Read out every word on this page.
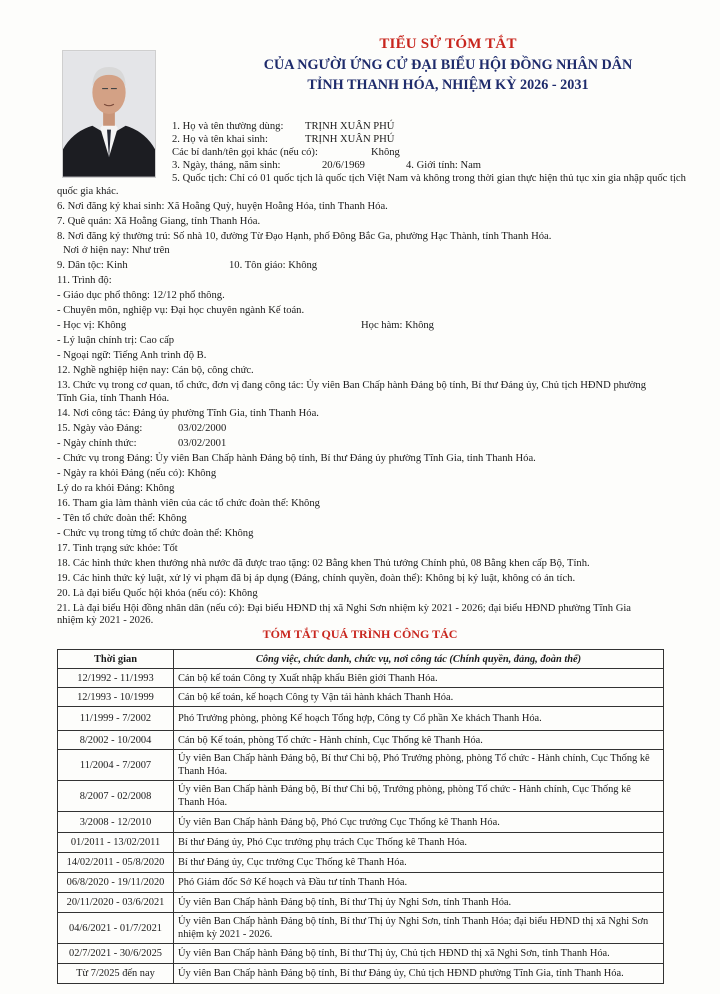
TIỂU SỬ TÓM TẮT
CỦA NGƯỜI ỨNG CỬ ĐẠI BIỂU HỘI ĐỒNG NHÂN DÂN
TỈNH THANH HÓA, NHIỆM KỲ 2026 - 2031
1. Họ và tên thường dùng: TRỊNH XUÂN PHÚ
2. Họ và tên khai sinh:	TRỊNH XUÂN PHÚ
Các bí danh/tên gọi khác (nếu có):	Không
3. Ngày, tháng, năm sinh:	20/6/1969	4. Giới tính: Nam
5. Quốc tịch: Chỉ có 01 quốc tịch là quốc tịch Việt Nam và không trong thời gian thực hiện thủ tục xin gia nhập quốc tịch
quốc gia khác.
6. Nơi đăng ký khai sinh: Xã Hoằng Quỳ, huyện Hoằng Hóa, tỉnh Thanh Hóa.
7. Quê quán: Xã Hoằng Giang, tỉnh Thanh Hóa.
8. Nơi đăng ký thường trú: Số nhà 10, đường Từ Đạo Hạnh, phố Đông Bắc Ga, phường Hạc Thành, tỉnh Thanh Hóa.
Nơi ở hiện nay: Như trên
9. Dân tộc: Kinh	10. Tôn giáo: Không
11. Trình độ:
- Giáo dục phổ thông: 12/12 phổ thông.
- Chuyên môn, nghiệp vụ: Đại học chuyên ngành Kế toán.
- Học vị: Không	Học hàm: Không
- Lý luận chính trị: Cao cấp
- Ngoại ngữ: Tiếng Anh trình độ B.
12. Nghề nghiệp hiện nay: Cán bộ, công chức.
13. Chức vụ trong cơ quan, tổ chức, đơn vị đang công tác: Ủy viên Ban Chấp hành Đảng bộ tỉnh, Bí thư Đảng ủy, Chủ tịch HĐND phường
Tĩnh Gia, tỉnh Thanh Hóa.
14. Nơi công tác: Đảng ủy phường Tĩnh Gia, tỉnh Thanh Hóa.
15. Ngày vào Đảng:	03/02/2000
- Ngày chính thức:	03/02/2001
- Chức vụ trong Đảng: Ủy viên Ban Chấp hành Đảng bộ tỉnh, Bí thư Đảng ủy phường Tĩnh Gia, tỉnh Thanh Hóa.
- Ngày ra khỏi Đảng (nếu có): Không
Lý do ra khỏi Đảng: Không
16. Tham gia làm thành viên của các tổ chức đoàn thể: Không
- Tên tổ chức đoàn thể: Không
- Chức vụ trong từng tổ chức đoàn thể: Không
17. Tình trạng sức khỏe: Tốt
18. Các hình thức khen thưởng nhà nước đã được trao tặng: 02 Bằng khen Thủ tướng Chính phủ, 08 Bằng khen cấp Bộ, Tỉnh.
19. Các hình thức kỷ luật, xử lý vi phạm đã bị áp dụng (Đảng, chính quyền, đoàn thể): Không bị kỷ luật, không có án tích.
20. Là đại biểu Quốc hội khóa (nếu có): Không
21. Là đại biểu Hội đồng nhân dân (nếu có): Đại biểu HĐND thị xã Nghi Sơn nhiệm kỳ 2021 - 2026; đại biểu HĐND phường Tĩnh Gia
nhiệm kỳ 2021 - 2026.
TÓM TẮT QUÁ TRÌNH CÔNG TÁC
Thời gian	Công việc, chức danh, chức vụ, nơi công tác (Chính quyền, đảng, đoàn thể)
12/1992 - 11/1993	Cán bộ kế toán Công ty Xuất nhập khẩu Biên giới Thanh Hóa.
12/1993 - 10/1999	Cán bộ kế toán, kế hoạch Công ty Vận tải hành khách Thanh Hóa.
11/1999 - 7/2002	Phó Trưởng phòng, phòng Kế hoạch Tổng hợp, Công ty Cổ phần Xe khách Thanh Hóa.
8/2002 - 10/2004	Cán bộ Kế toán, phòng Tổ chức - Hành chính, Cục Thống kê Thanh Hóa.
11/2004 - 7/2007	Ủy viên Ban Chấp hành Đảng bộ, Bí thư Chi bộ, Phó Trưởng phòng, phòng Tổ chức - Hành chính, Cục Thống kê Thanh Hóa.
8/2007 - 02/2008	Ủy viên Ban Chấp hành Đảng bộ, Bí thư Chi bộ, Trưởng phòng, phòng Tổ chức - Hành chính, Cục Thống kê Thanh Hóa.
3/2008 - 12/2010	Ủy viên Ban Chấp hành Đảng bộ, Phó Cục trưởng Cục Thống kê Thanh Hóa.
01/2011 - 13/02/2011	Bí thư Đảng ủy, Phó Cục trưởng phụ trách Cục Thống kê Thanh Hóa.
14/02/2011 - 05/8/2020	Bí thư Đảng ủy, Cục trưởng Cục Thống kê Thanh Hóa.
06/8/2020 - 19/11/2020	Phó Giám đốc Sở Kế hoạch và Đầu tư tỉnh Thanh Hóa.
20/11/2020 - 03/6/2021	Ủy viên Ban Chấp hành Đảng bộ tỉnh, Bí thư Thị ủy Nghi Sơn, tỉnh Thanh Hóa.
04/6/2021 - 01/7/2021	Ủy viên Ban Chấp hành Đảng bộ tỉnh, Bí thư Thị ủy Nghi Sơn, tỉnh Thanh Hóa; đại biểu HĐND thị xã Nghi Sơn nhiệm kỳ 2021 - 2026.
02/7/2021 - 30/6/2025	Ủy viên Ban Chấp hành Đảng bộ tỉnh, Bí thư Thị ủy, Chủ tịch HĐND thị xã Nghi Sơn, tỉnh Thanh Hóa.
Từ 7/2025 đến nay	Ủy viên Ban Chấp hành Đảng bộ tỉnh, Bí thư Đảng ủy, Chủ tịch HĐND phường Tĩnh Gia, tỉnh Thanh Hóa.
